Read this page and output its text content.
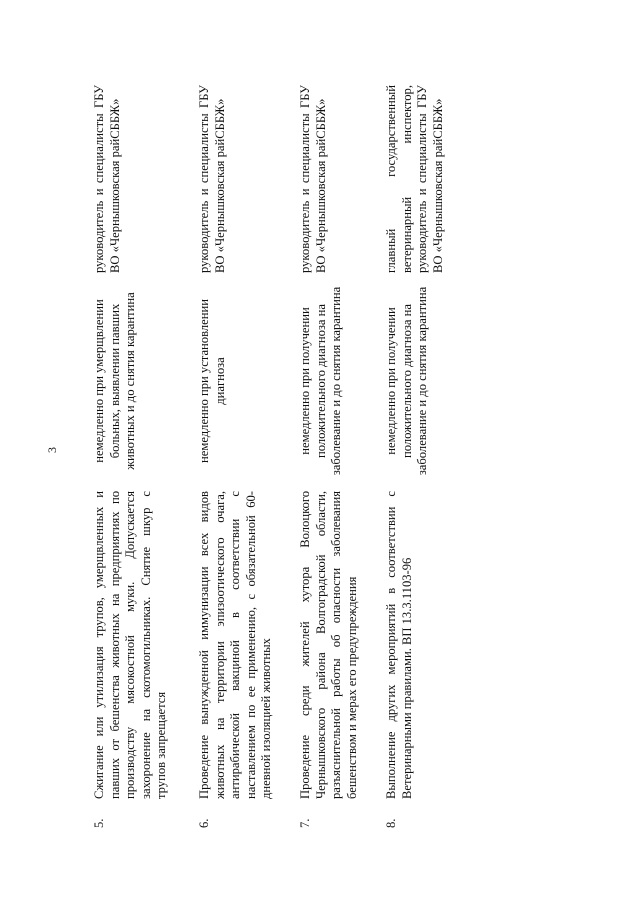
3
5.
Сжигание или утилизация трупов, умерщвленных и павших от бешенства животных на предприятиях по производству мясокостной муки. Допускается захоронение на скотомогильниках. Снятие шкур с трупов запрещается
немедленно при умерщвлении больных, выявлении павших животных и до снятия карантина
руководитель и специалисты ГБУ ВО «Чернышковская райСББЖ»
6.
Проведение вынужденной иммунизации всех видов животных на территории эпизоотического очага, антирабической вакциной в соответствии с наставлением по ее применению, с обязательной 60-дневной изоляцией животных
немедленно при установлении диагноза
руководитель и специалисты ГБУ ВО «Чернышковская райСББЖ»
7.
Проведение среди жителей хутора Волоцкого Чернышковского района Волгоградской области, разъяснительной работы об опасности заболевания бешенством и мерах его предупреждения
немедленно при получении положительного диагноза на заболевание и до снятия карантина
руководитель и специалисты ГБУ ВО «Чернышковская райСББЖ»
8.
Выполнение других мероприятий в соответствии с Ветеринарными правилами. ВП 13.3.1103-96
немедленно при получении положительного диагноза на заболевание и до снятия карантина
главный государственный ветеринарный инспектор, руководитель и специалисты ГБУ ВО «Чернышковская райСББЖ»
